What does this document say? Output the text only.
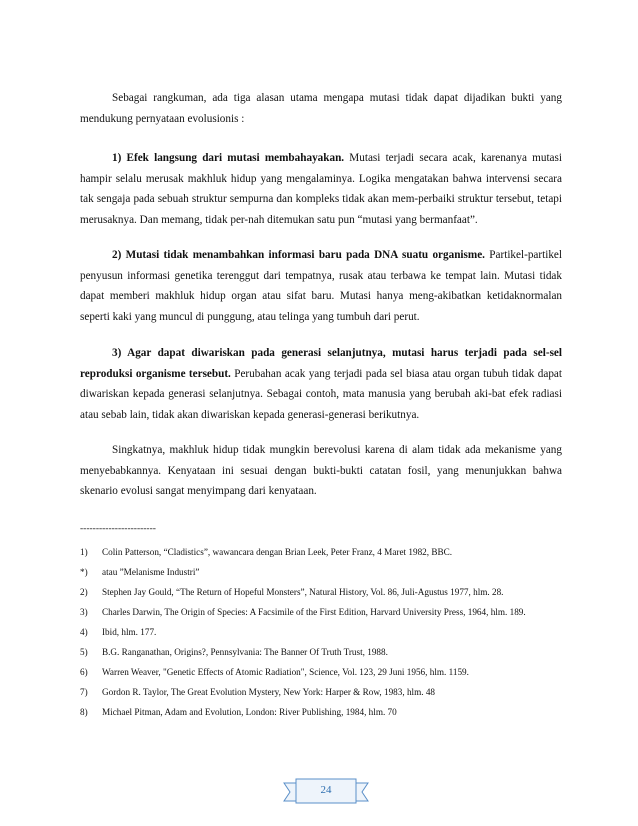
Sebagai rangkuman, ada tiga alasan utama mengapa mutasi tidak dapat dijadikan bukti yang mendukung pernyataan evolusionis :

1) Efek langsung dari mutasi membahayakan. Mutasi terjadi secara acak, karenanya mutasi hampir selalu merusak makhluk hidup yang mengalaminya. Logika mengatakan bahwa intervensi secara tak sengaja pada sebuah struktur sempurna dan kompleks tidak akan mem-perbaiki struktur tersebut, tetapi merusaknya. Dan memang, tidak per-nah ditemukan satu pun “mutasi yang bermanfaat”.

2) Mutasi tidak menambahkan informasi baru pada DNA suatu organisme. Partikel-partikel penyusun informasi genetika terenggut dari tempatnya, rusak atau terbawa ke tempat lain. Mutasi tidak dapat memberi makhluk hidup organ atau sifat baru. Mutasi hanya meng-akibatkan ketidaknormalan seperti kaki yang muncul di punggung, atau telinga yang tumbuh dari perut.

3) Agar dapat diwariskan pada generasi selanjutnya, mutasi harus terjadi pada sel-sel reproduksi organisme tersebut. Perubahan acak yang terjadi pada sel biasa atau organ tubuh tidak dapat diwariskan kepada generasi selanjutnya. Sebagai contoh, mata manusia yang berubah aki-bat efek radiasi atau sebab lain, tidak akan diwariskan kepada generasi-generasi berikutnya.

Singkatnya, makhluk hidup tidak mungkin berevolusi karena di alam tidak ada mekanisme yang menyebabkannya. Kenyataan ini sesuai dengan bukti-bukti catatan fosil, yang menunjukkan bahwa skenario evolusi sangat menyimpang dari kenyataan.

------------------------
1)	Colin Patterson, “Cladistics”, wawancara dengan Brian Leek, Peter Franz, 4 Maret 1982, BBC.
*)	atau ”Melanisme Industri”
2)	Stephen Jay Gould, “The Return of Hopeful Monsters”, Natural History, Vol. 86, Juli-Agustus 1977, hlm. 28.
3)	Charles Darwin, The Origin of Species: A Facsimile of the First Edition, Harvard University Press, 1964, hlm. 189.
4)	Ibid, hlm. 177.
5)	B.G. Ranganathan, Origins?, Pennsylvania: The Banner Of Truth Trust, 1988.
6)	Warren Weaver, "Genetic Effects of Atomic Radiation", Science, Vol. 123, 29 Juni 1956, hlm. 1159.
7)	Gordon R. Taylor, The Great Evolution Mystery, New York: Harper & Row, 1983, hlm. 48
8)	Michael Pitman, Adam and Evolution, London: River Publishing, 1984, hlm. 70
24
